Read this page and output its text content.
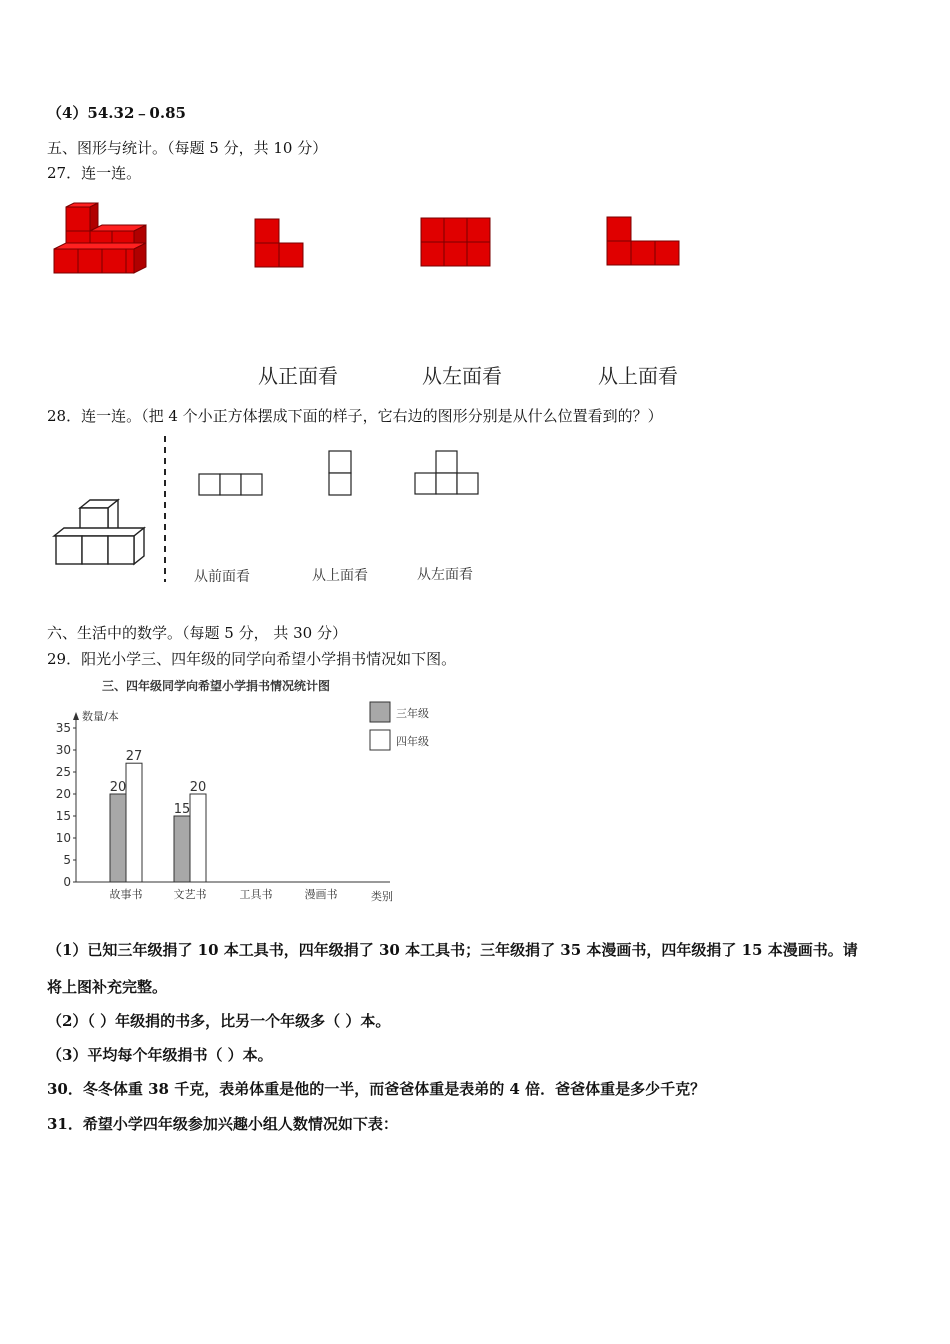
（4）54.32﹣0.85
五、图形与统计。（每题 5 分，共 10 分）
27．连一连。
从正面看	从左面看	从上面看
28．连一连。（把 4 个小正方体摆成下面的样子，它右边的图形分别是从什么位置看到的？）
从前面看	从上面看	从左面看
六、生活中的数学。（每题 5 分， 共 30 分）
29．阳光小学三、四年级的同学向希望小学捐书情况如下图。
三、四年级同学向希望小学捐书情况统计图
数量/本
0
5
10
15
20
25
30
35
故事书	文艺书	工具书	漫画书	类别
20
27
15
20
三年级
四年级
（1）已知三年级捐了 10 本工具书，四年级捐了 30 本工具书；三年级捐了 35 本漫画书，四年级捐了 15 本漫画书。请
将上图补充完整。
（2）（ ）年级捐的书多，比另一个年级多（ ）本。
（3）平均每个年级捐书（ ）本。
30．冬冬体重 38 千克，表弟体重是他的一半，而爸爸体重是表弟的 4 倍．爸爸体重是多少千克？
31．希望小学四年级参加兴趣小组人数情况如下表：
